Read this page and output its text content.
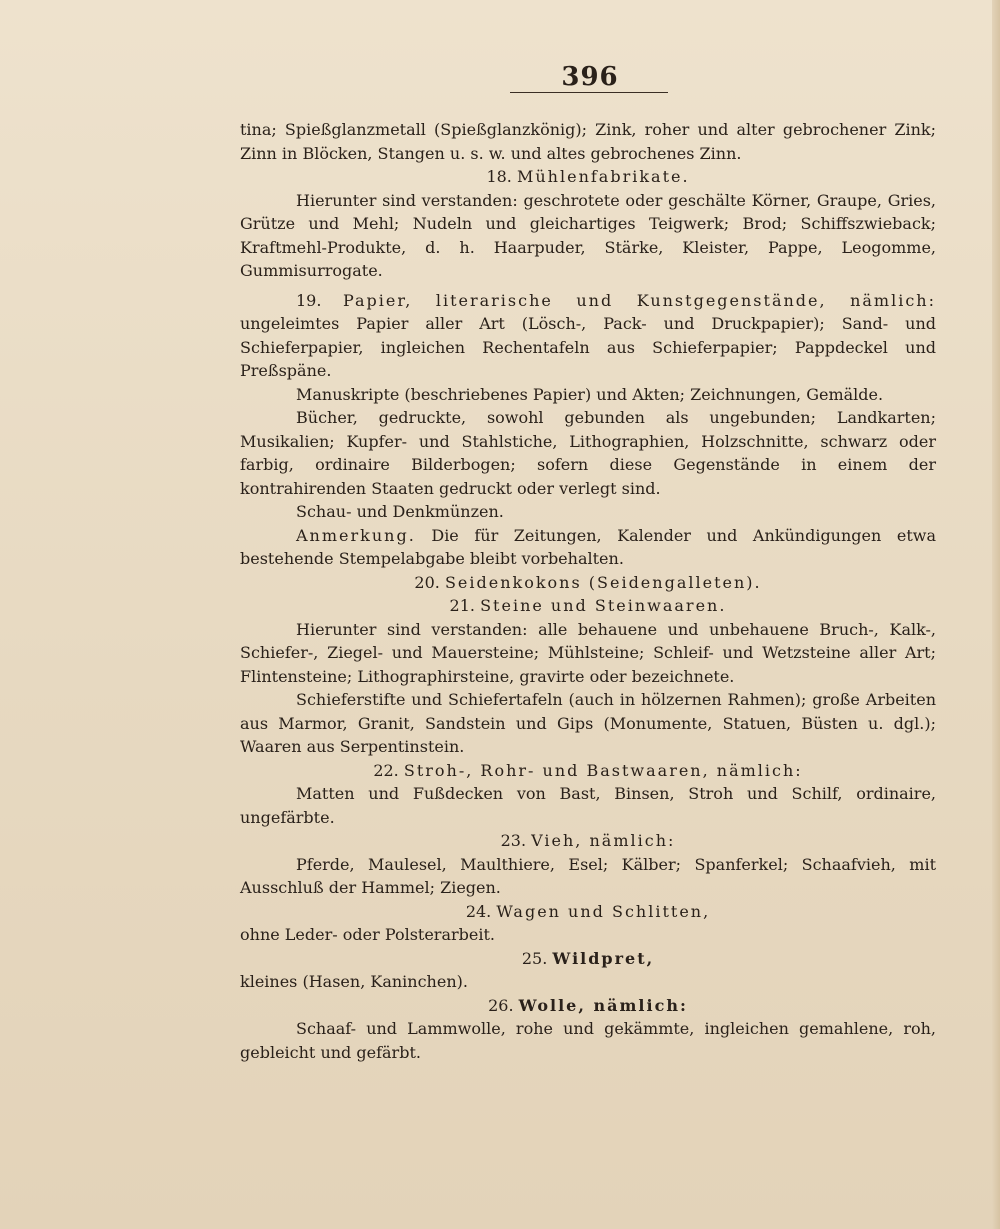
396

tina; Spießglanzmetall (Spießglanzkönig); Zink, roher und alter gebrochener Zink; Zinn in Blöcken, Stangen u. s. w. und altes gebrochenes Zinn.

18. Mühlenfabrikate.

Hierunter sind verstanden: geschrotete oder geschälte Körner, Graupe, Gries, Grütze und Mehl; Nudeln und gleichartiges Teigwerk; Brod; Schiffszwieback; Kraftmehl-Produkte, d. h. Haarpuder, Stärke, Kleister, Pappe, Leogomme, Gummisurrogate.

19. Papier, literarische und Kunstgegenstände, nämlich: ungeleimtes Papier aller Art (Lösch-, Pack- und Druckpapier); Sand- und Schieferpapier, ingleichen Rechentafeln aus Schieferpapier; Pappdeckel und Preßspäne.

Manuskripte (beschriebenes Papier) und Akten; Zeichnungen, Gemälde.

Bücher, gedruckte, sowohl gebunden als ungebunden; Landkarten; Musikalien; Kupfer- und Stahlstiche, Lithographien, Holzschnitte, schwarz oder farbig, ordinaire Bilderbogen; sofern diese Gegenstände in einem der kontrahirenden Staaten gedruckt oder verlegt sind.

Schau- und Denkmünzen.

Anmerkung. Die für Zeitungen, Kalender und Ankündigungen etwa bestehende Stempelabgabe bleibt vorbehalten.

20. Seidenkokons (Seidengalleten).

21. Steine und Steinwaaren.

Hierunter sind verstanden: alle behauene und unbehauene Bruch-, Kalk-, Schiefer-, Ziegel- und Mauersteine; Mühlsteine; Schleif- und Wetzsteine aller Art; Flintensteine; Lithographirsteine, gravirte oder bezeichnete.

Schieferstifte und Schiefertafeln (auch in hölzernen Rahmen); große Arbeiten aus Marmor, Granit, Sandstein und Gips (Monumente, Statuen, Büsten u. dgl.); Waaren aus Serpentinstein.

22. Stroh-, Rohr- und Bastwaaren, nämlich:

Matten und Fußdecken von Bast, Binsen, Stroh und Schilf, ordinaire, ungefärbte.

23. Vieh, nämlich:

Pferde, Maulesel, Maulthiere, Esel; Kälber; Spanferkel; Schaafvieh, mit Ausschluß der Hammel; Ziegen.

24. Wagen und Schlitten,

ohne Leder- oder Polsterarbeit.

25. Wildpret,

kleines (Hasen, Kaninchen).

26. Wolle, nämlich:

Schaaf- und Lammwolle, rohe und gekämmte, ingleichen gemahlene, roh, gebleicht und gefärbt.
